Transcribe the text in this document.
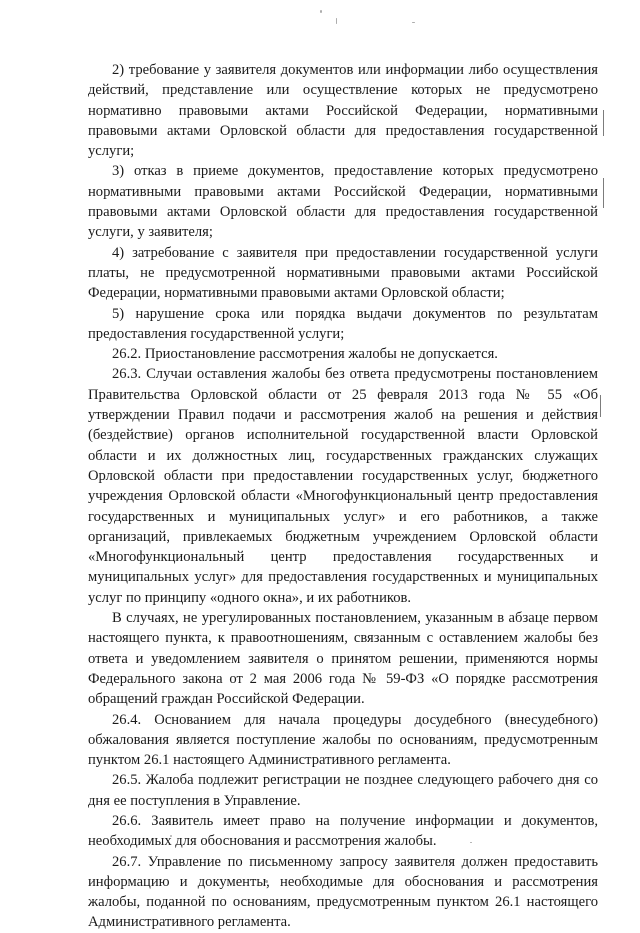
2) требование у заявителя документов или информации либо осуществления действий, представление или осуществление которых не предусмотрено нормативно правовыми актами Российской Федерации, нормативными правовыми актами Орловской области для предоставления государственной услуги;

3) отказ в приеме документов, предоставление которых предусмотрено нормативными правовыми актами Российской Федерации, нормативными правовыми актами Орловской области для предоставления государственной услуги, у заявителя;

4) затребование с заявителя при предоставлении государственной услуги платы, не предусмотренной нормативными правовыми актами Российской Федерации, нормативными правовыми актами Орловской области;

5) нарушение срока или порядка выдачи документов по результатам предоставления государственной услуги;

26.2. Приостановление рассмотрения жалобы не допускается.

26.3. Случаи оставления жалобы без ответа предусмотрены постановлением Правительства Орловской области от 25 февраля 2013 года № 55 «Об утверждении Правил подачи и рассмотрения жалоб на решения и действия (бездействие) органов исполнительной государственной власти Орловской области и их должностных лиц, государственных гражданских служащих Орловской области при предоставлении государственных услуг, бюджетного учреждения Орловской области «Многофункциональный центр предоставления государственных и муниципальных услуг» и его работников, а также организаций, привлекаемых бюджетным учреждением Орловской области «Многофункциональный центр предоставления государственных и муниципальных услуг» для предоставления государственных и муниципальных услуг по принципу «одного окна», и их работников.

В случаях, не урегулированных постановлением, указанным в абзаце первом настоящего пункта, к правоотношениям, связанным с оставлением жалобы без ответа и уведомлением заявителя о принятом решении, применяются нормы Федерального закона от 2 мая 2006 года № 59-ФЗ «О порядке рассмотрения обращений граждан Российской Федерации.

26.4. Основанием для начала процедуры досудебного (внесудебного) обжалования является поступление жалобы по основаниям, предусмотренным пунктом 26.1 настоящего Административного регламента.

26.5. Жалоба подлежит регистрации не позднее следующего рабочего дня со дня ее поступления в Управление.

26.6. Заявитель имеет право на получение информации и документов, необходимых для обоснования и рассмотрения жалобы.

26.7. Управление по письменному запросу заявителя должен предоставить информацию и документы, необходимые для обоснования и рассмотрения жалобы, поданной по основаниям, предусмотренным пунктом 26.1 настоящего Административного регламента.
